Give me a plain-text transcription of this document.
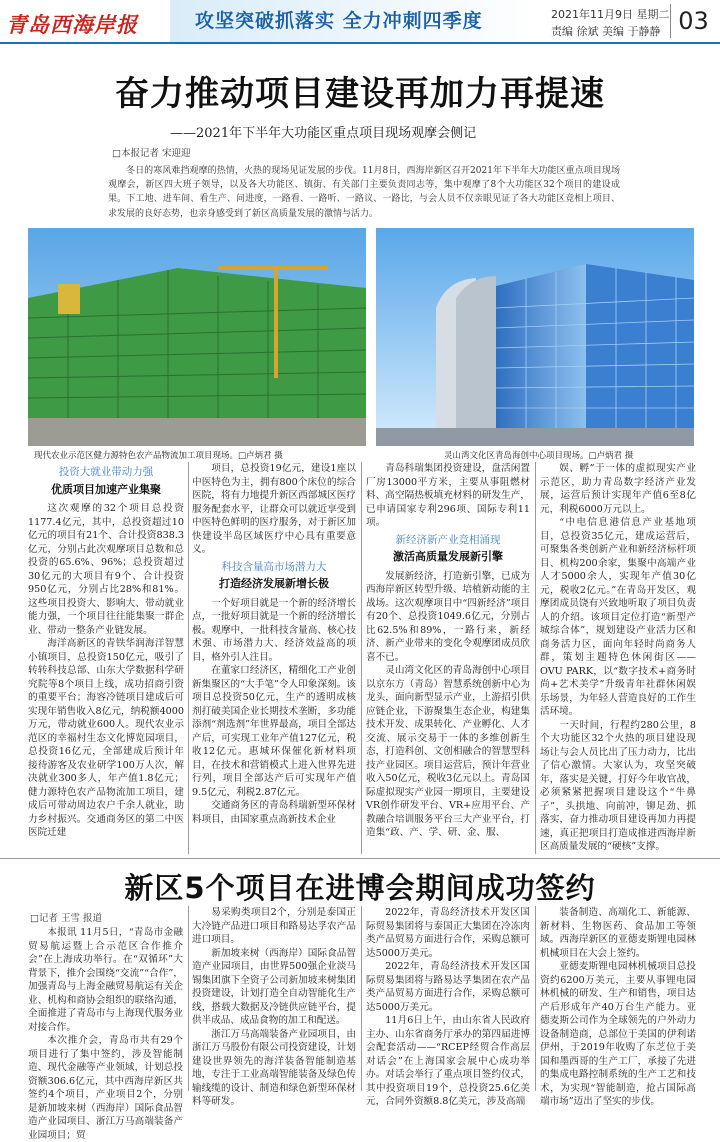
青岛西海岸报	攻坚突破抓落实 全力冲刺四季度	2021年11月9日 星期二
责编 徐斌 美编 于静静 03
奋力推动项目建设再加力再提速
——2021年下半年大功能区重点项目现场观摩会侧记
□本报记者 宋迎迎
冬日的寒风难挡观摩的热情，火热的现场见证发展的步伐。11月8日，西海岸新区召开2021年下半年大功能区重点项目现场观摩会，新区四大班子领导，以及各大功能区、镇街、有关部门主要负责同志等，集中观摩了8个大功能区32个项目的建设成果。下工地、进车间、看生产、问进度，一路看、一路听、一路议、一路比，与会人员不仅亲眼见证了各大功能区竞相上项目、求发展的良好态势，也亲身感受到了新区高质量发展的激情与活力。
现代农业示范区健力源特色农产品物流加工项目现场。□卢炳君 摄	灵山湾文化区青岛海创中心项目现场。□卢炳君 摄
投资大就业带动力强
优质项目加速产业集聚

这次观摩的32个项目总投资1177.4亿元，其中，总投资超过10亿元的项目有21个、合计投资838.3亿元，分别占此次观摩项目总数和总投资的65.6%、96%；总投资超过30亿元的大项目有9个、合计投资950亿元，分别占比28%和81%。这些项目投资大、影响大、带动就业能力强，一个项目往往能集聚一群企业、带动一整条产业链发展。

海洋高新区的青铁华润海洋智慧小镇项目，总投资150亿元，吸引了转转科技总部、山东大学数据科学研究院等8个项目上线，成功招商引资的重要平台；海容冷链项目建成后可实现年销售收入8亿元，纳税额4000万元，带动就业600人。现代农业示范区的幸福村生态文化博览园项目，总投资16亿元，全部建成后预计年接待游客及农业研学100万人次，解决就业300多人，年产值1.8亿元；健力源特色农产品物流加工项目，建成后可带动周边农户千余人就业，助力乡村振兴。交通商务区的第二中医医院迁建

项目，总投资19亿元，建设1座以中医特色为主，拥有800个床位的综合医院，将有力地提升新区西部城区医疗服务配套水平，让群众可以就近享受到中医特色鲜明的医疗服务，对于新区加快建设半岛区域医疗中心具有重要意义。

科技含量高市场潜力大
打造经济发展新增长极

一个好项目就是一个新的经济增长点，一批好项目就是一个新的经济增长极。观摩中，一批科技含量高、核心技术强、市场潜力大、经济效益高的项目，格外引人注目。

在董家口经济区，精细化工产业创新集聚区的“大手笔”令人印象深刻。该项目总投资50亿元，生产的透明成核剂打破美国企业长期技术垄断，多功能添剂“剂选剂”年世界最高，项目全部达产后，可实现工业年产值127亿元，税收12亿元。惠城环保催化新材料项目，在技术和营销模式上进入世界先进行列，项目全部达产后可实现年产值9.5亿元，利税2.87亿元。

交通商务区的青岛科瑞新型环保材料项目，由国家重点高新技术企业

青岛科瑞集团投资建设，盘活闲置厂房13000平方米，主要从事阻燃材料、高空隔热板填充材料的研发生产，已申请国家专利296项、国际专利11项。

新经济新产业竞相涌现
激活高质量发展新引擎

发展新经济，打造新引擎，已成为西海岸新区转型升级、培植新动能的主战场。这次观摩项目中“四新经济”项目有20个、总投资1049.6亿元，分别占比62.5%和89%，一路行来，新经济、新产业带来的变化令观摩团成员欣喜不已。

灵山湾文化区的青岛海创中心项目以京东方（青岛）智慧系统创新中心为龙头，面向新型显示产业，上游招引供应链企业，下游聚集生态企业，构建集技术开发、成果转化、产业孵化、人才交流、展示交易于一体的多维创新生态，打造科创、文创相融合的智慧型科技产业园区。项目运营后，预计年营业收入50亿元，税收3亿元以上。青岛国际虚拟现实产业园一期项目，主要建设VR创作研发平台、VR+应用平台、产教融合培训服务平台三大产业平台，打造集“政、产、学、研、金、服、

娱、孵”于一体的虚拟现实产业示范区，助力青岛数字经济产业发展，运营后预计实现年产值6至8亿元，利税6000万元以上。

“中电信息港信息产业基地项目，总投资35亿元，建成运营后，可聚集各类创新产业和新经济标杆项目、机构200余家，集聚中高端产业人才5000余人，实现年产值30亿元，税收2亿元。”在青岛开发区，观摩团成员饶有兴致地听取了项目负责人的介绍。该项目定位打造“新型产城综合体”，规划建设产业活力区和商务活力区，面向年轻时尚商务人群，策划主题特色休闲街区——OVU PARK，以“数字技术+商务时尚+艺术美学”升级青年社群休闲娱乐场景，为年轻人营造良好的工作生活环境。

一天时间，行程约280公里，8个大功能区32个火热的项目建设现场让与会人员比出了压力动力，比出了信心激情。大家认为，攻坚突破年，落实是关键，打好今年收官战，必须紧紧把握项目建设这个“牛鼻子”，头拱地、向前冲，铆足劲、抓落实，奋力推动项目建设再加力再提速，真正把项目打造成推进西海岸新区高质量发展的“硬核”支撑。

新区5个项目在进博会期间成功签约
□记者 王雪 报道

本报讯 11月5日，“青岛市金融贸易航运暨上合示范区合作推介会”在上海成功举行。在“双循环”大背景下，推介会围绕“交流”“合作”，加强青岛与上海金融贸易航运有关企业、机构和商协会组织的联络沟通，全面推进了青岛市与上海现代服务业对接合作。

本次推介会，青岛市共有29个项目进行了集中签约，涉及智能制造、现代金融等产业领域，计划总投资额306.6亿元，其中西海岸新区共签约4个项目，产业项目2个，分别是新加坡来树（西海岸）国际食品智造产业园项目、浙江万马高端装备产业园项目；贸

易采购类项目2个，分别是泰国正大冷链产品进口项目和路易达孚农产品进口项目。

新加坡来树（西海岸）国际食品智造产业园项目，由世界500强企业淡马锡集团旗下全资子公司新加坡来树集团投资建设，计划打造全自动智能化生产线，搭载大数据及冷链供应链平台，提供半成品、成品食物的加工和配送。

浙江万马高端装备产业园项目，由浙江万马股份有限公司投资建设，计划建设世界领先的海洋装备智能制造基地，专注于工业高端智能装备及绿色传输线缆的设计、制造和绿色新型环保材料等研发。

2022年，青岛经济技术开发区国际贸易集团将与泰国正大集团在冷冻肉类产品贸易方面进行合作，采购总额可达5000万美元。

2022年，青岛经济技术开发区国际贸易集团将与路易达孚集团在农产品类产品贸易方面进行合作，采购总额可达5000万美元。

11月6日上午，由山东省人民政府主办、山东省商务厅承办的第四届进博会配套活动——“RCEP经贸合作高层对话会”在上海国家会展中心成功举办。对话会举行了重点项目签约仪式，其中投资项目19个，总投资25.6亿美元，合同外资额8.8亿美元，涉及高端

装备制造、高端化工、新能源、新材料、生物医药、食品加工等领域。西海岸新区的亚德麦斯锂电园林机械项目在大会上签约。

亚德麦斯锂电园林机械项目总投资约6200万美元，主要从事锂电园林机械的研发、生产和销售，项目达产后形成年产40万台生产能力。亚德麦斯公司作为全球领先的户外动力设备制造商，总部位于美国的伊利诺伊州，于2019年收购了东芝位于美国和墨西哥的生产工厂，承接了先进的集成电路控制系统的生产工艺和技术，为实现“智能制造，抢占国际高端市场”迈出了坚实的步伐。
